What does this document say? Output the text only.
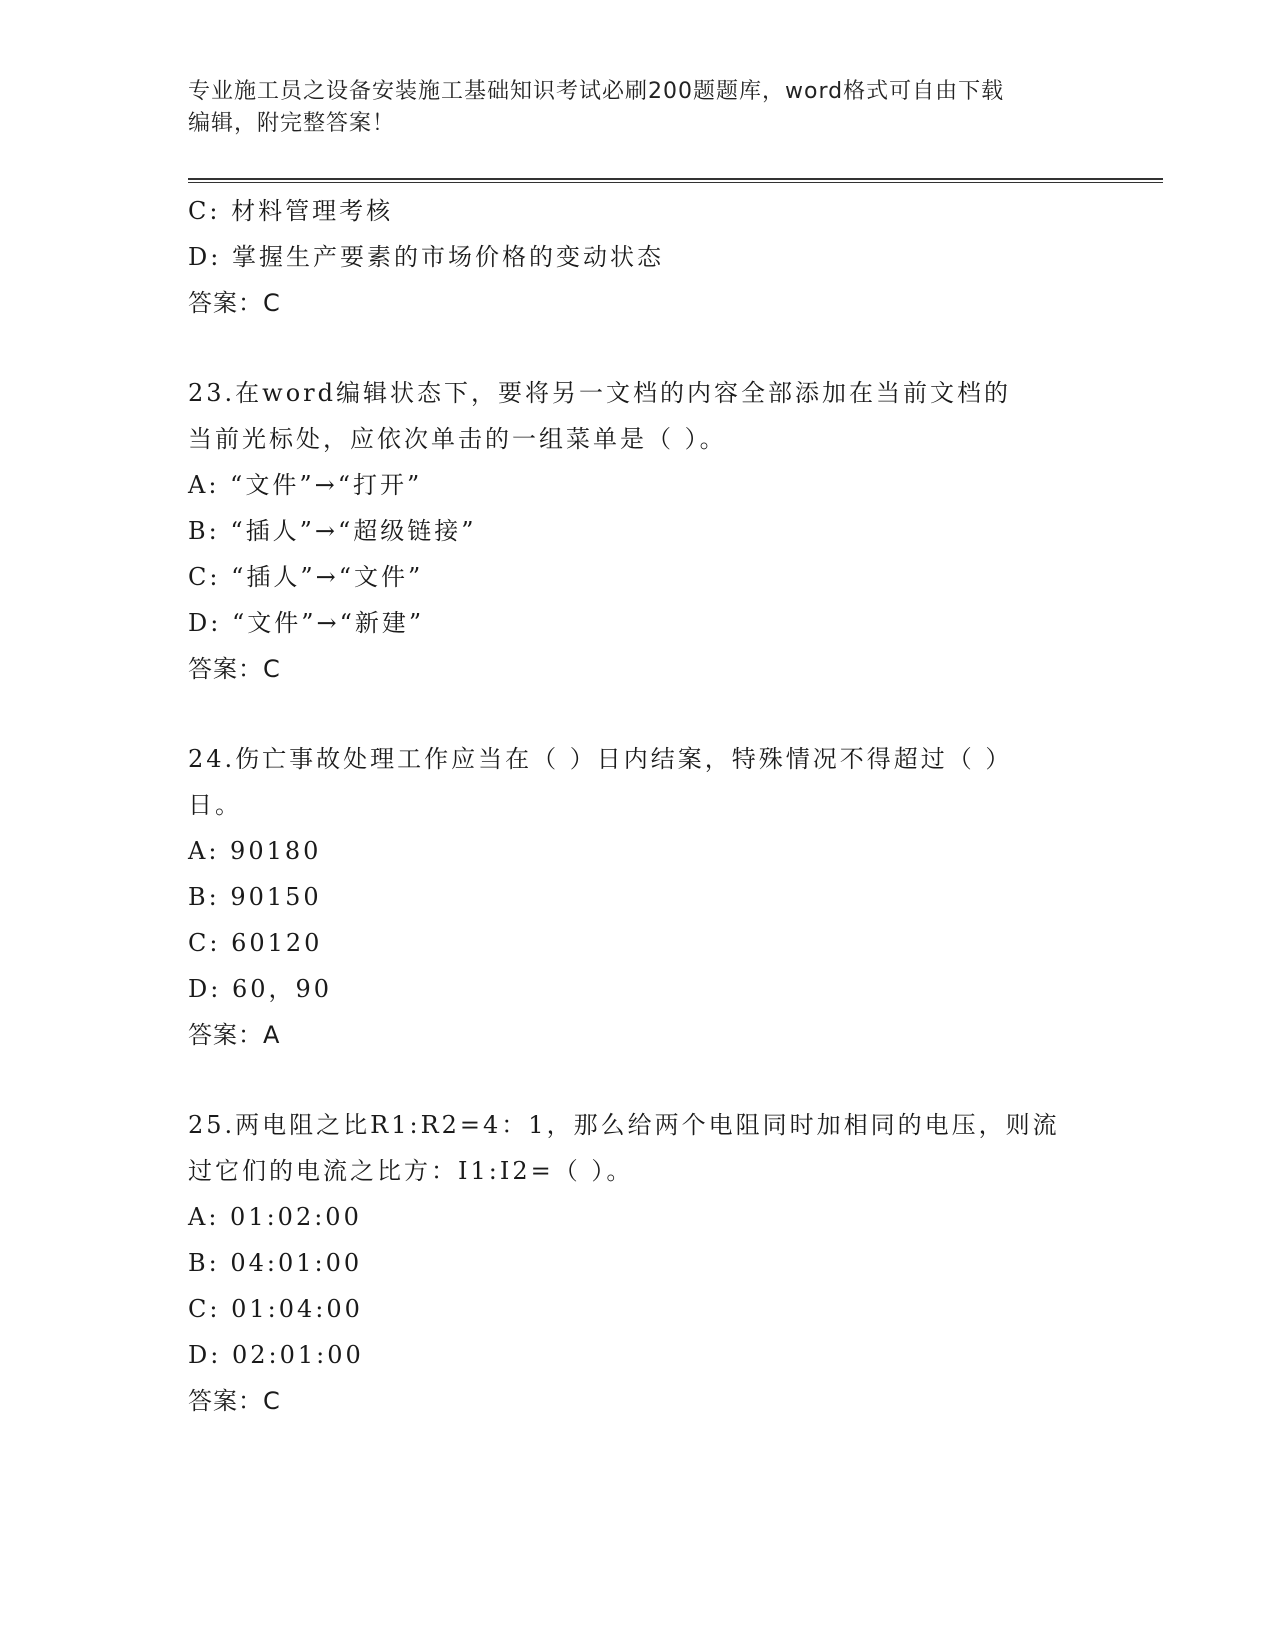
专业施工员之设备安装施工基础知识考试必刷200题题库，word格式可自由下载
编辑，附完整答案！
C: 材料管理考核
D: 掌握生产要素的市场价格的变动状态
答案：C
23.在word编辑状态下，要将另一文档的内容全部添加在当前文档的
当前光标处，应依次单击的一组菜单是（ ）。
A: “文件”→“打开”
B: “插人”→“超级链接”
C: “插人”→“文件”
D: “文件”→“新建”
答案：C
24.伤亡事故处理工作应当在（ ）日内结案，特殊情况不得超过（ ）
日。
A: 90180
B: 90150
C: 60120
D: 60，90
答案：A
25.两电阻之比R1:R2=4：1，那么给两个电阻同时加相同的电压，则流
过它们的电流之比方：I1:I2=（ ）。
A: 01:02:00
B: 04:01:00
C: 01:04:00
D: 02:01:00
答案：C
